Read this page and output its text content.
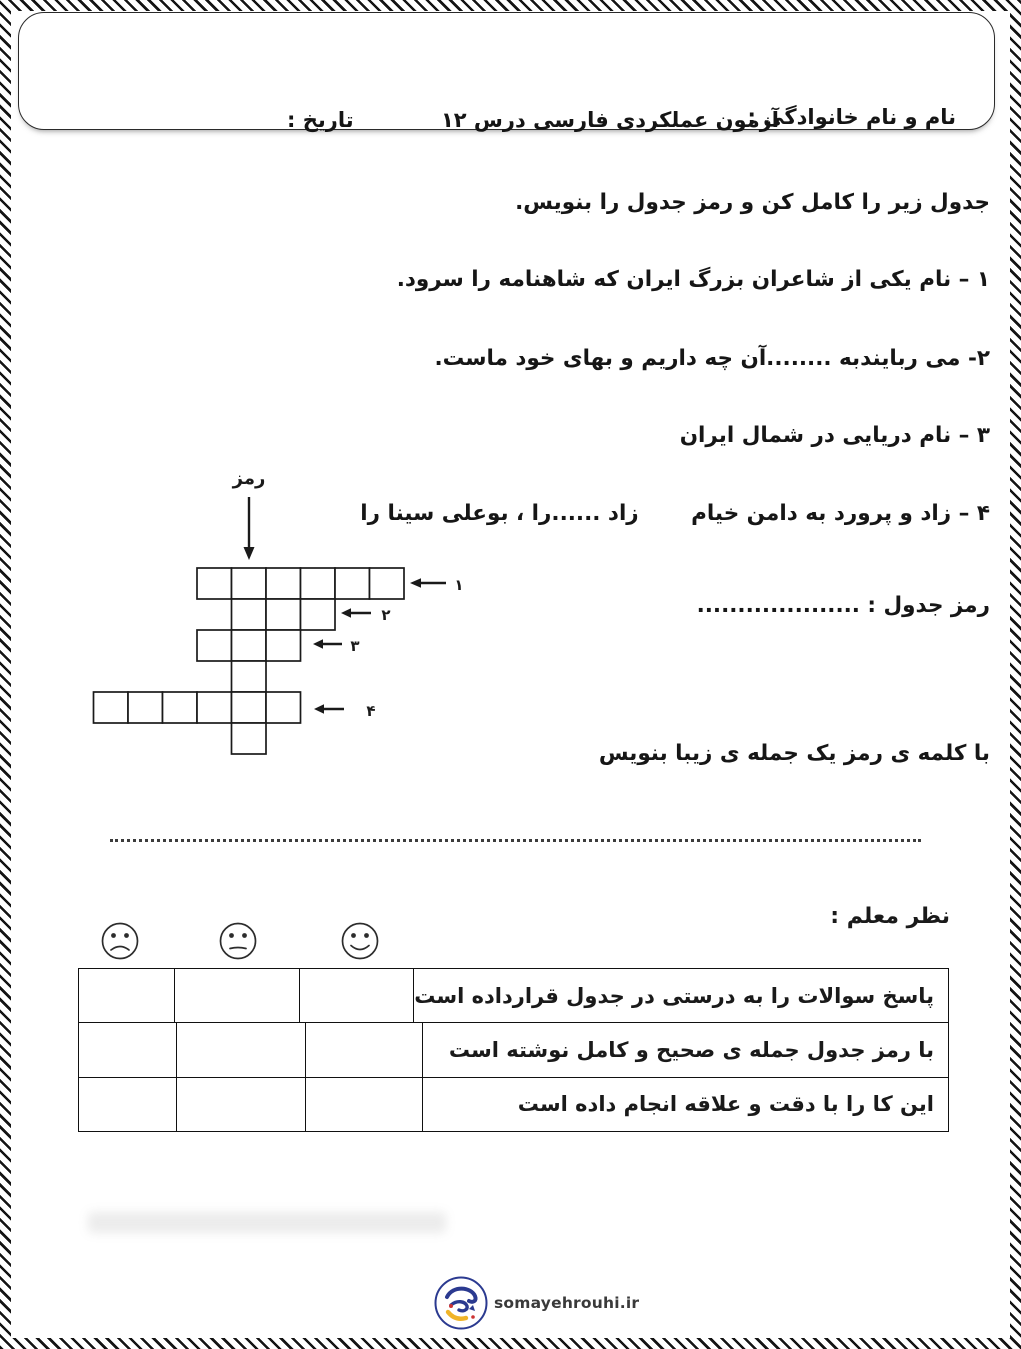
نام و نام خانوادگی :
آزمون عملکردی فارسی درس ۱۲
تاریخ :
جدول زیر را کامل کن و رمز جدول را بنویس.
۱ – نام یکی از شاعران بزرگ ایران که شاهنامه را سرود.
۲- می ربایندبه ........آن چه داریم و بهای خود ماست.
۳ – نام دریایی در شمال ایران
۴ – زاد و پرورد به دامن خیام       زاد ......را ، بوعلی سینا را
رمز جدول : ....................
با کلمه ی رمز یک جمله ی زیبا بنویس
رمز
۱
۲
۳
۴
نظر معلم :
پاسخ سوالات را به درستی در جدول قرارداده است
با رمز جدول جمله ی صحیح و کامل نوشته است
این کا را با دقت و علاقه انجام داده است
somayehrouhi.ir
